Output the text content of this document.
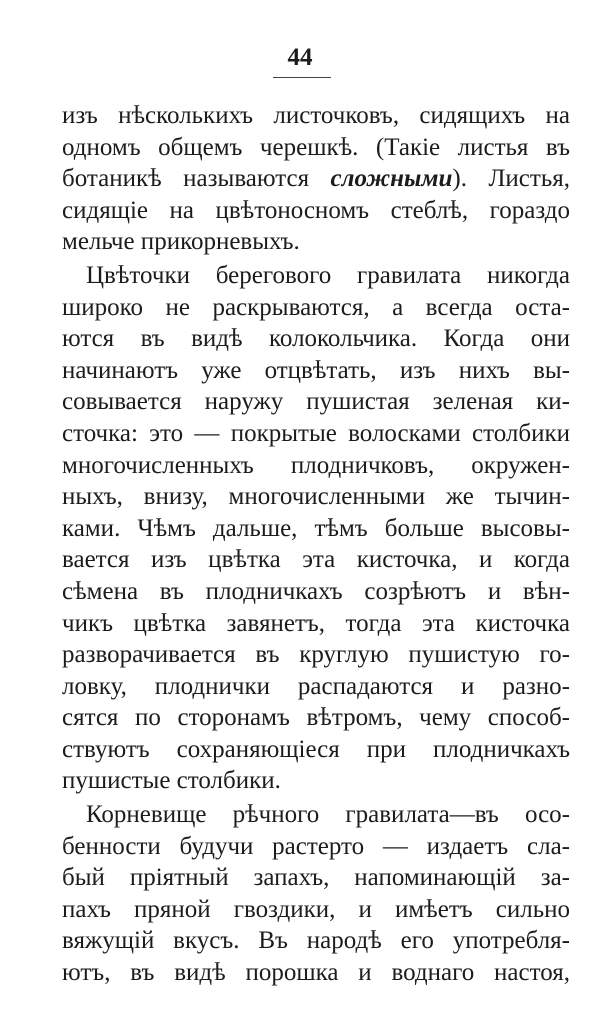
44
изъ нѣсколькихъ листочковъ, сидящихъ на
одномъ общемъ черешкѣ. (Такіе листья въ
ботаникѣ называются сложными). Листья,
сидящіе на цвѣтоносномъ стеблѣ, гораздо
мельче прикорневыхъ.
Цвѣточки берегового гравилата никогда
широко не раскрываются, а всегда оста-
ются въ видѣ колокольчика. Когда они
начинаютъ уже отцвѣтать, изъ нихъ вы-
совывается наружу пушистая зеленая ки-
сточка: это — покрытые волосками столбики
многочисленныхъ плодничковъ, окружен-
ныхъ, внизу, многочисленными же тычин-
ками. Чѣмъ дальше, тѣмъ больше высовы-
вается изъ цвѣтка эта кисточка, и когда
сѣмена въ плодничкахъ созрѣютъ и вѣн-
чикъ цвѣтка завянетъ, тогда эта кисточка
разворачивается въ круглую пушистую го-
ловку, плоднички распадаются и разно-
сятся по сторонамъ вѣтромъ, чему способ-
ствуютъ сохраняющіеся при плодничкахъ
пушистые столбики.
Корневище рѣчного гравилата—въ осо-
бенности будучи растерто — издаетъ сла-
бый пріятный запахъ, напоминающій за-
пахъ пряной гвоздики, и имѣетъ сильно
вяжущій вкусъ. Въ народѣ его употребля-
ютъ, въ видѣ порошка и воднаго настоя,
